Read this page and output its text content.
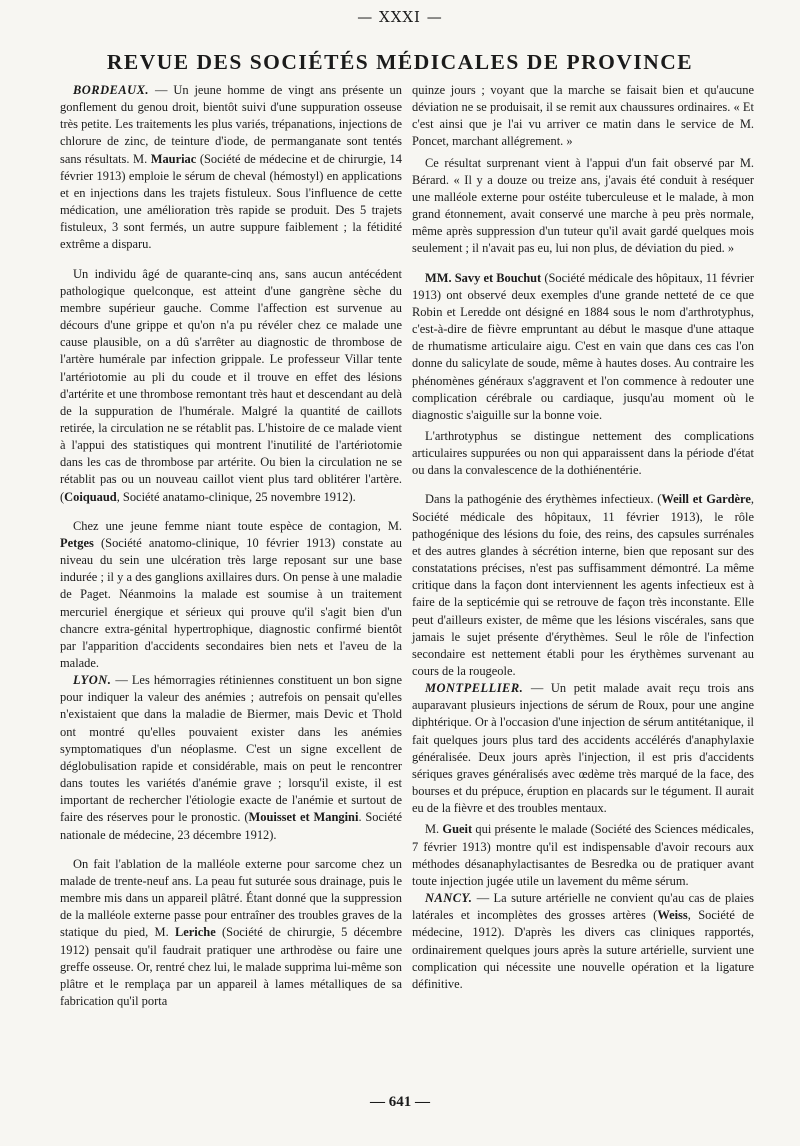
— XXXI —
REVUE DES SOCIÉTÉS MÉDICALES DE PROVINCE

BORDEAUX. — Un jeune homme de vingt ans présente un gonflement du genou droit, bientôt suivi d'une suppuration osseuse très petite. Les traitements les plus variés, trépanations, injections de chlorure de zinc, de teinture d'iode, de permanganate sont tentés sans résultats. M. Mauriac (Société de médecine et de chirurgie, 14 février 1913) emploie le sérum de cheval (hémostyl) en applications et en injections dans les trajets fistuleux. Sous l'influence de cette médication, une amélioration très rapide se produit. Des 5 trajets fistuleux, 3 sont fermés, un autre suppure faiblement ; la fétidité extrême a disparu.

Un individu âgé de quarante-cinq ans, sans aucun antécédent pathologique quelconque, est atteint d'une gangrène sèche du membre supérieur gauche. Comme l'affection est survenue au décours d'une grippe et qu'on n'a pu révéler chez ce malade une cause plausible, on a dû s'arrêter au diagnostic de thrombose de l'artère humérale par infection grippale. Le professeur Villar tente l'artériotomie au pli du coude et il trouve en effet des lésions d'artérite et une thrombose remontant très haut et descendant au delà de la suppuration de l'humérale. Malgré la quantité de caillots retirée, la circulation ne se rétablit pas. L'histoire de ce malade vient à l'appui des statistiques qui montrent l'inutilité de l'artériotomie dans les cas de thrombose par artérite. Ou bien la circulation ne se rétablit pas ou un nouveau caillot vient plus tard oblitérer l'artère. (Coiquaud, Société anatamo-clinique, 25 novembre 1912).

Chez une jeune femme niant toute espèce de contagion, M. Petges (Société anatomo-clinique, 10 février 1913) constate au niveau du sein une ulcération très large reposant sur une base indurée ; il y a des ganglions axillaires durs. On pense à une maladie de Paget. Néanmoins la malade est soumise à un traitement mercuriel énergique et sérieux qui prouve qu'il s'agit bien d'un chancre extra-génital hypertrophique, diagnostic confirmé bientôt par l'apparition d'accidents secondaires bien nets et l'aveu de la malade.

LYON. — Les hémorragies rétiniennes constituent un bon signe pour indiquer la valeur des anémies ; autrefois on pensait qu'elles n'existaient que dans la maladie de Biermer, mais Devic et Thold ont montré qu'elles pouvaient exister dans les anémies symptomatiques d'un néoplasme. C'est un signe excellent de déglobulisation rapide et considérable, mais on peut le rencontrer dans toutes les variétés d'anémie grave ; lorsqu'il existe, il est important de rechercher l'étiologie exacte de l'anémie et surtout de faire des réserves pour le pronostic. (Mouisset et Mangini. Société nationale de médecine, 23 décembre 1912).

On fait l'ablation de la malléole externe pour sarcome chez un malade de trente-neuf ans. La peau fut suturée sous drainage, puis le membre mis dans un appareil plâtré. Étant donné que la suppression de la malléole externe passe pour entraîner des troubles graves de la statique du pied, M. Leriche (Société de chirurgie, 5 décembre 1912) pensait qu'il faudrait pratiquer une arthrodèse ou faire une greffe osseuse. Or, rentré chez lui, le malade supprima lui-même son plâtre et le remplaça par un appareil à lames métalliques de sa fabrication qu'il porta

quinze jours ; voyant que la marche se faisait bien et qu'aucune déviation ne se produisait, il se remit aux chaussures ordinaires. « Et c'est ainsi que je l'ai vu arriver ce matin dans le service de M. Poncet, marchant allégrement. »

Ce résultat surprenant vient à l'appui d'un fait observé par M. Bérard. « Il y a douze ou treize ans, j'avais été conduit à reséquer une malléole externe pour ostéite tuberculeuse et le malade, à mon grand étonnement, avait conservé une marche à peu près normale, même après suppression d'un tuteur qu'il avait gardé quelques mois seulement ; il n'avait pas eu, lui non plus, de déviation du pied. »

MM. Savy et Bouchut (Société médicale des hôpitaux, 11 février 1913) ont observé deux exemples d'une grande netteté de ce que Robin et Leredde ont désigné en 1884 sous le nom d'arthrotyphus, c'est-à-dire de fièvre empruntant au début le masque d'une attaque de rhumatisme articulaire aigu. C'est en vain que dans ces cas l'on donne du salicylate de soude, même à hautes doses. Au contraire les phénomènes généraux s'aggravent et l'on commence à redouter une complication cérébrale ou cardiaque, jusqu'au moment où le diagnostic s'aiguille sur la bonne voie.

L'arthrotyphus se distingue nettement des complications articulaires suppurées ou non qui apparaissent dans la période d'état ou dans la convalescence de la dothiénentérie.

Dans la pathogénie des érythèmes infectieux. (Weill et Gardère, Société médicale des hôpitaux, 11 février 1913), le rôle pathogénique des lésions du foie, des reins, des capsules surrénales et des autres glandes à sécrétion interne, bien que reposant sur des constatations précises, n'est pas suffisamment démontré. La même critique dans la façon dont interviennent les agents infectieux est à faire de la septicémie qui se retrouve de façon très inconstante. Elle peut d'ailleurs exister, de même que les lésions viscérales, sans que jamais le sujet présente d'érythèmes. Seul le rôle de l'infection secondaire est nettement établi pour les érythèmes survenant au cours de la rougeole.

MONTPELLIER. — Un petit malade avait reçu trois ans auparavant plusieurs injections de sérum de Roux, pour une angine diphtérique. Or à l'occasion d'une injection de sérum antitétanique, il fait quelques jours plus tard des accidents accélérés d'anaphylaxie généralisée. Deux jours après l'injection, il est pris d'accidents sériques graves généralisés avec œdème très marqué de la face, des bourses et du prépuce, éruption en placards sur le tégument. Il aurait eu de la fièvre et des troubles mentaux.

M. Gueit qui présente le malade (Société des Sciences médicales, 7 février 1913) montre qu'il est indispensable d'avoir recours aux méthodes désanaphylactisantes de Besredka ou de pratiquer avant toute injection jugée utile un lavement du même sérum.

NANCY. — La suture artérielle ne convient qu'au cas de plaies latérales et incomplètes des grosses artères (Weiss, Société de médecine, 1912). D'après les divers cas cliniques rapportés, ordinairement quelques jours après la suture artérielle, survient une complication qui nécessite une nouvelle opération et la ligature définitive.

— 641 —
